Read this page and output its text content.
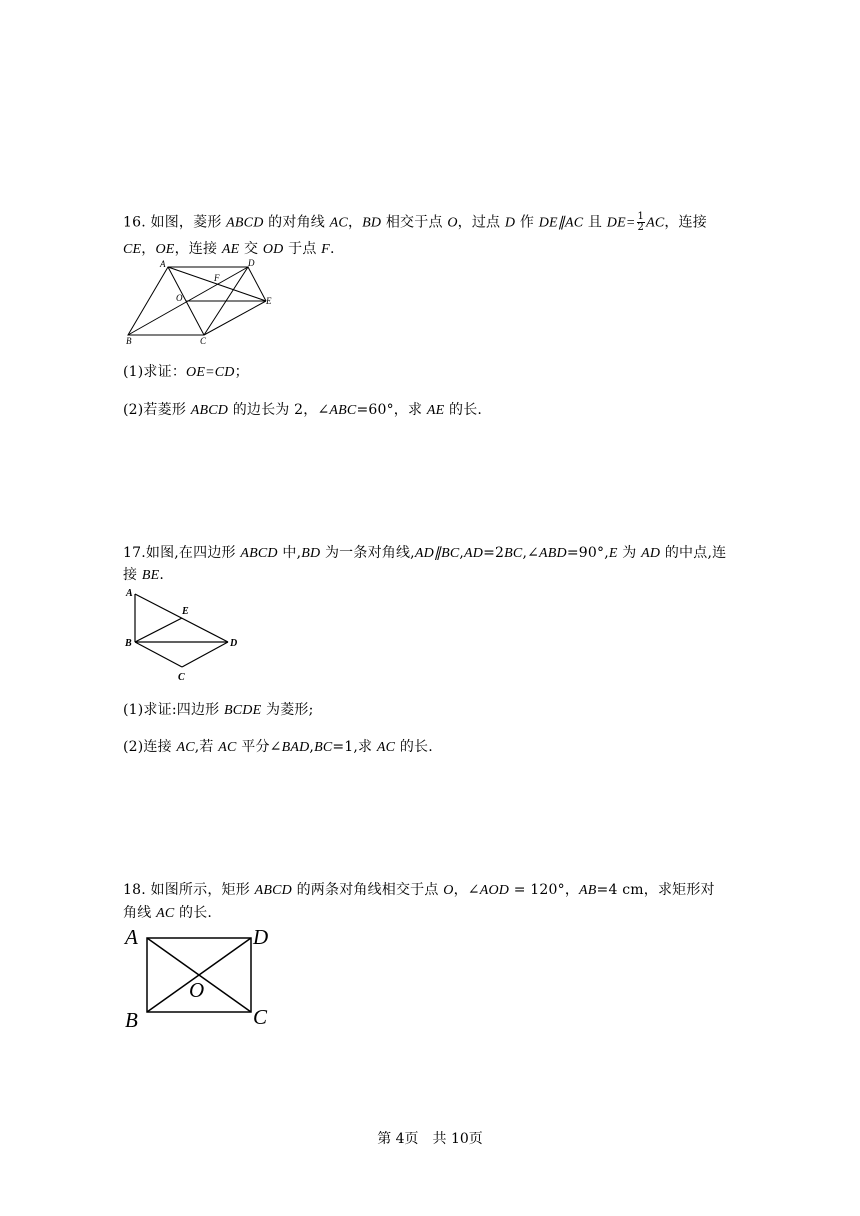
16. 如图，菱形 ABCD 的对角线 AC，BD 相交于点 O，过点 D 作 DE∥AC 且 $DE= \frac{1}{2}$ AC，连接
CE，OE，连接 AE 交 OD 于点 F.
A	D
F
O	E
B	C
(1)求证：OE=CD；
(2)若菱形 ABCD 的边长为 2，∠ABC=60°，求 AE 的长.
17.如图,在四边形 ABCD 中,BD 为一条对角线,AD∥BC,AD=2BC,∠ABD=90°,E 为 AD 的中点,连
接 BE.
A
E
B	D
C
(1)求证:四边形 BCDE 为菱形;
(2)连接 AC,若 AC 平分∠BAD,BC=1,求 AC 的长.
18. 如图所示，矩形 ABCD 的两条对角线相交于点 O，∠AOD = 120°，AB=4 cm，求矩形对
角线 AC 的长.
A	D
O
B	C
第 4页　共 10页
